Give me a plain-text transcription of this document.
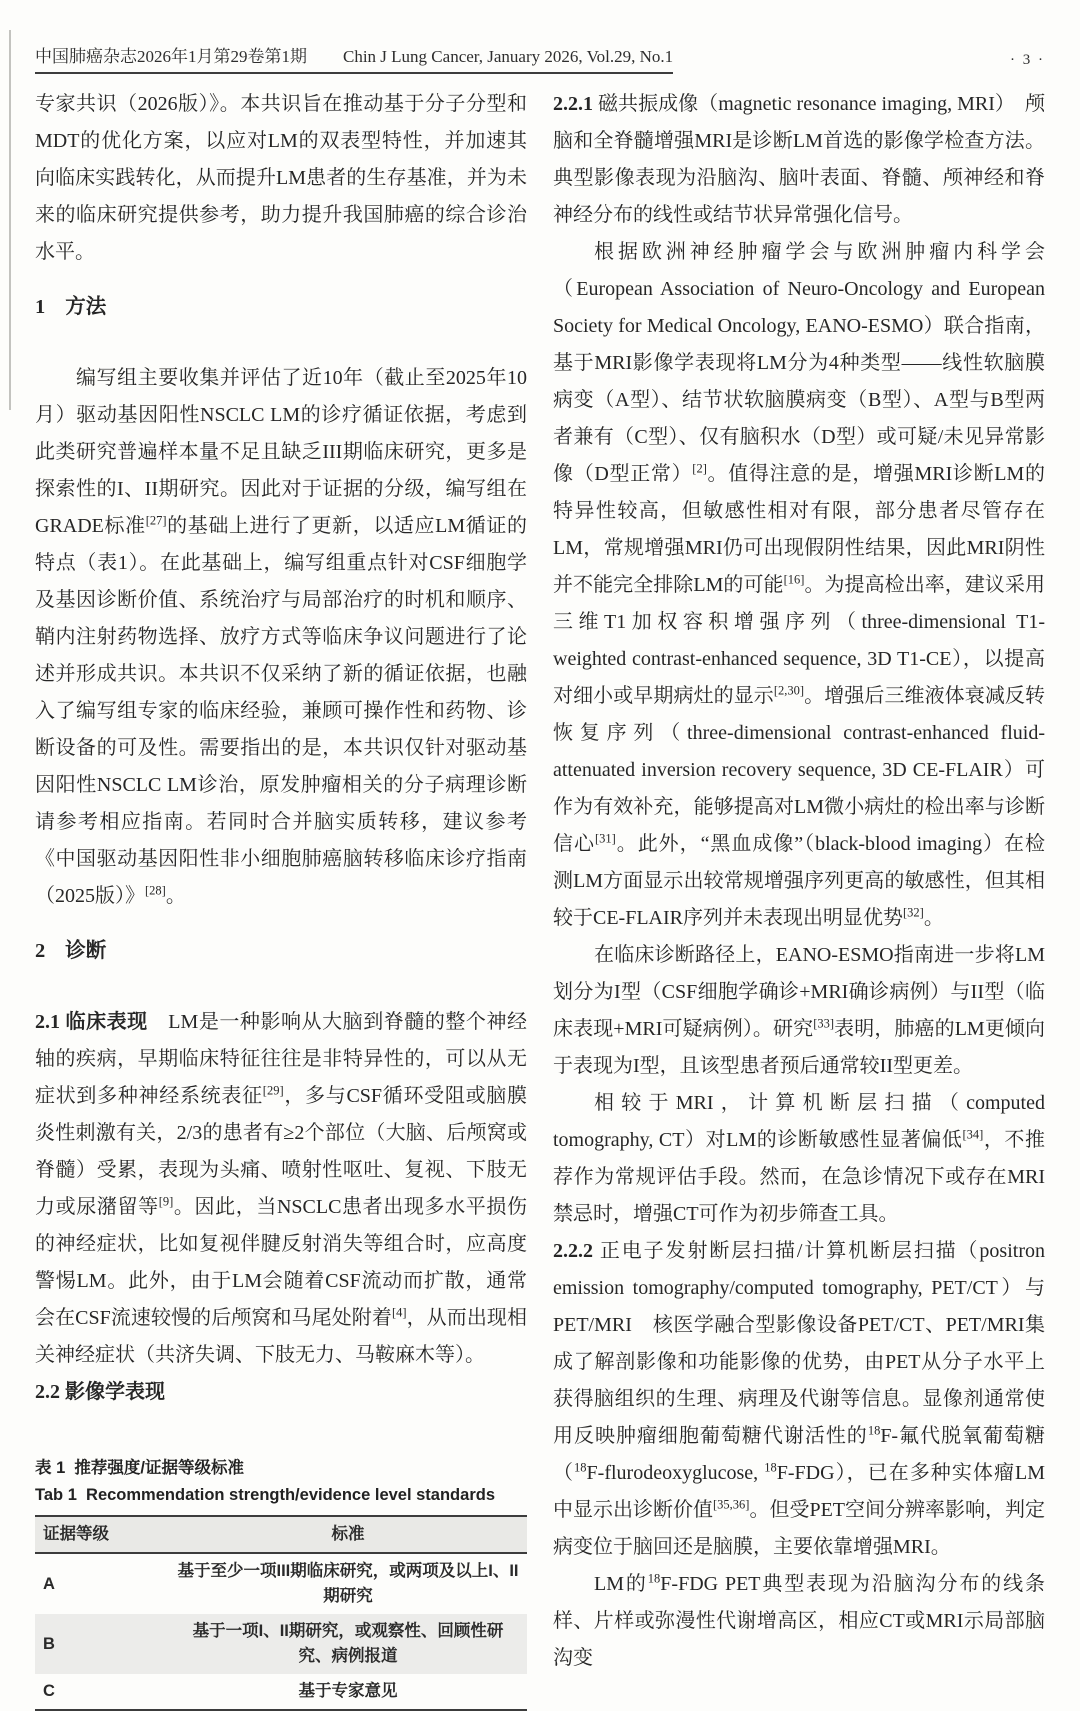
中国肺癌杂志2026年1月第29卷第1期 Chin J Lung Cancer, January 2026, Vol.29, No.1	· 3 ·

专家共识（2026版）》。本共识旨在推动基于分子分型和MDT的优化方案，以应对LM的双表型特性，并加速其向临床实践转化，从而提升LM患者的生存基准，并为未来的临床研究提供参考，助力提升我国肺癌的综合诊治水平。

1 方法

编写组主要收集并评估了近10年（截止至2025年10月）驱动基因阳性NSCLC LM的诊疗循证依据，考虑到此类研究普遍样本量不足且缺乏III期临床研究，更多是探索性的I、II期研究。因此对于证据的分级，编写组在GRADE标准[27]的基础上进行了更新，以适应LM循证的特点（表1）。在此基础上，编写组重点针对CSF细胞学及基因诊断价值、系统治疗与局部治疗的时机和顺序、鞘内注射药物选择、放疗方式等临床争议问题进行了论述并形成共识。本共识不仅采纳了新的循证依据，也融入了编写组专家的临床经验，兼顾可操作性和药物、诊断设备的可及性。需要指出的是，本共识仅针对驱动基因阳性NSCLC LM诊治，原发肿瘤相关的分子病理诊断请参考相应指南。若同时合并脑实质转移，建议参考《中国驱动基因阳性非小细胞肺癌脑转移临床诊疗指南（2025版）》[28]。

2 诊断

2.1 临床表现　LM是一种影响从大脑到脊髓的整个神经轴的疾病，早期临床特征往往是非特异性的，可以从无症状到多种神经系统表征[29]，多与CSF循环受阻或脑膜炎性刺激有关，2/3的患者有≥2个部位（大脑、后颅窝或脊髓）受累，表现为头痛、喷射性呕吐、复视、下肢无力或尿潴留等[9]。因此，当NSCLC患者出现多水平损伤的神经症状，比如复视伴腱反射消失等组合时，应高度警惕LM。此外，由于LM会随着CSF流动而扩散，通常会在CSF流速较慢的后颅窝和马尾处附着[4]，从而出现相关神经症状（共济失调、下肢无力、马鞍麻木等）。

2.2 影像学表现

表 1  推荐强度/证据等级标准
Tab 1  Recommendation strength/evidence level standards
证据等级	标准
A	基于至少一项III期临床研究，或两项及以上I、II期研究
B	基于一项I、II期研究，或观察性、回顾性研究、病例报道
C	基于专家意见

2.2.1 磁共振成像（magnetic resonance imaging, MRI）　颅脑和全脊髓增强MRI是诊断LM首选的影像学检查方法。典型影像表现为沿脑沟、脑叶表面、脊髓、颅神经和脊神经分布的线性或结节状异常强化信号。

根据欧洲神经肿瘤学会与欧洲肿瘤内科学会（European Association of Neuro-Oncology and European Society for Medical Oncology, EANO-ESMO）联合指南，基于MRI影像学表现将LM分为4种类型——线性软脑膜病变（A型）、结节状软脑膜病变（B型）、A型与B型两者兼有（C型）、仅有脑积水（D型）或可疑/未见异常影像（D型正常）[2]。值得注意的是，增强MRI诊断LM的特异性较高，但敏感性相对有限，部分患者尽管存在LM，常规增强MRI仍可出现假阴性结果，因此MRI阴性并不能完全排除LM的可能[16]。为提高检出率，建议采用三维T1加权容积增强序列（three-dimensional T1-weighted contrast-enhanced sequence, 3D T1-CE），以提高对细小或早期病灶的显示[2,30]。增强后三维液体衰减反转恢复序列（three-dimensional contrast-enhanced fluid-attenuated inversion recovery sequence, 3D CE-FLAIR）可作为有效补充，能够提高对LM微小病灶的检出率与诊断信心[31]。此外，“黑血成像”（black-blood imaging）在检测LM方面显示出较常规增强序列更高的敏感性，但其相较于CE-FLAIR序列并未表现出明显优势[32]。

在临床诊断路径上，EANO-ESMO指南进一步将LM划分为I型（CSF细胞学确诊+MRI确诊病例）与II型（临床表现+MRI可疑病例）。研究[33]表明，肺癌的LM更倾向于表现为I型，且该型患者预后通常较II型更差。

相较于MRI，计算机断层扫描（computed tomography, CT）对LM的诊断敏感性显著偏低[34]，不推荐作为常规评估手段。然而，在急诊情况下或存在MRI禁忌时，增强CT可作为初步筛查工具。

2.2.2 正电子发射断层扫描/计算机断层扫描（positron emission tomography/computed tomography, PET/CT）与PET/MRI　核医学融合型影像设备PET/CT、PET/MRI集成了解剖影像和功能影像的优势，由PET从分子水平上获得脑组织的生理、病理及代谢等信息。显像剂通常使用反映肿瘤细胞葡萄糖代谢活性的$^{18}$F-氟代脱氧葡萄糖（$^{18}$F-flurodeoxyglucose, $^{18}$F-FDG），已在多种实体瘤LM中显示出诊断价值[35,36]。但受PET空间分辨率影响，判定病变位于脑回还是脑膜，主要依靠增强MRI。

LM的$^{18}$F-FDG PET典型表现为沿脑沟分布的线条样、片样或弥漫性代谢增高区，相应CT或MRI示局部脑沟变
